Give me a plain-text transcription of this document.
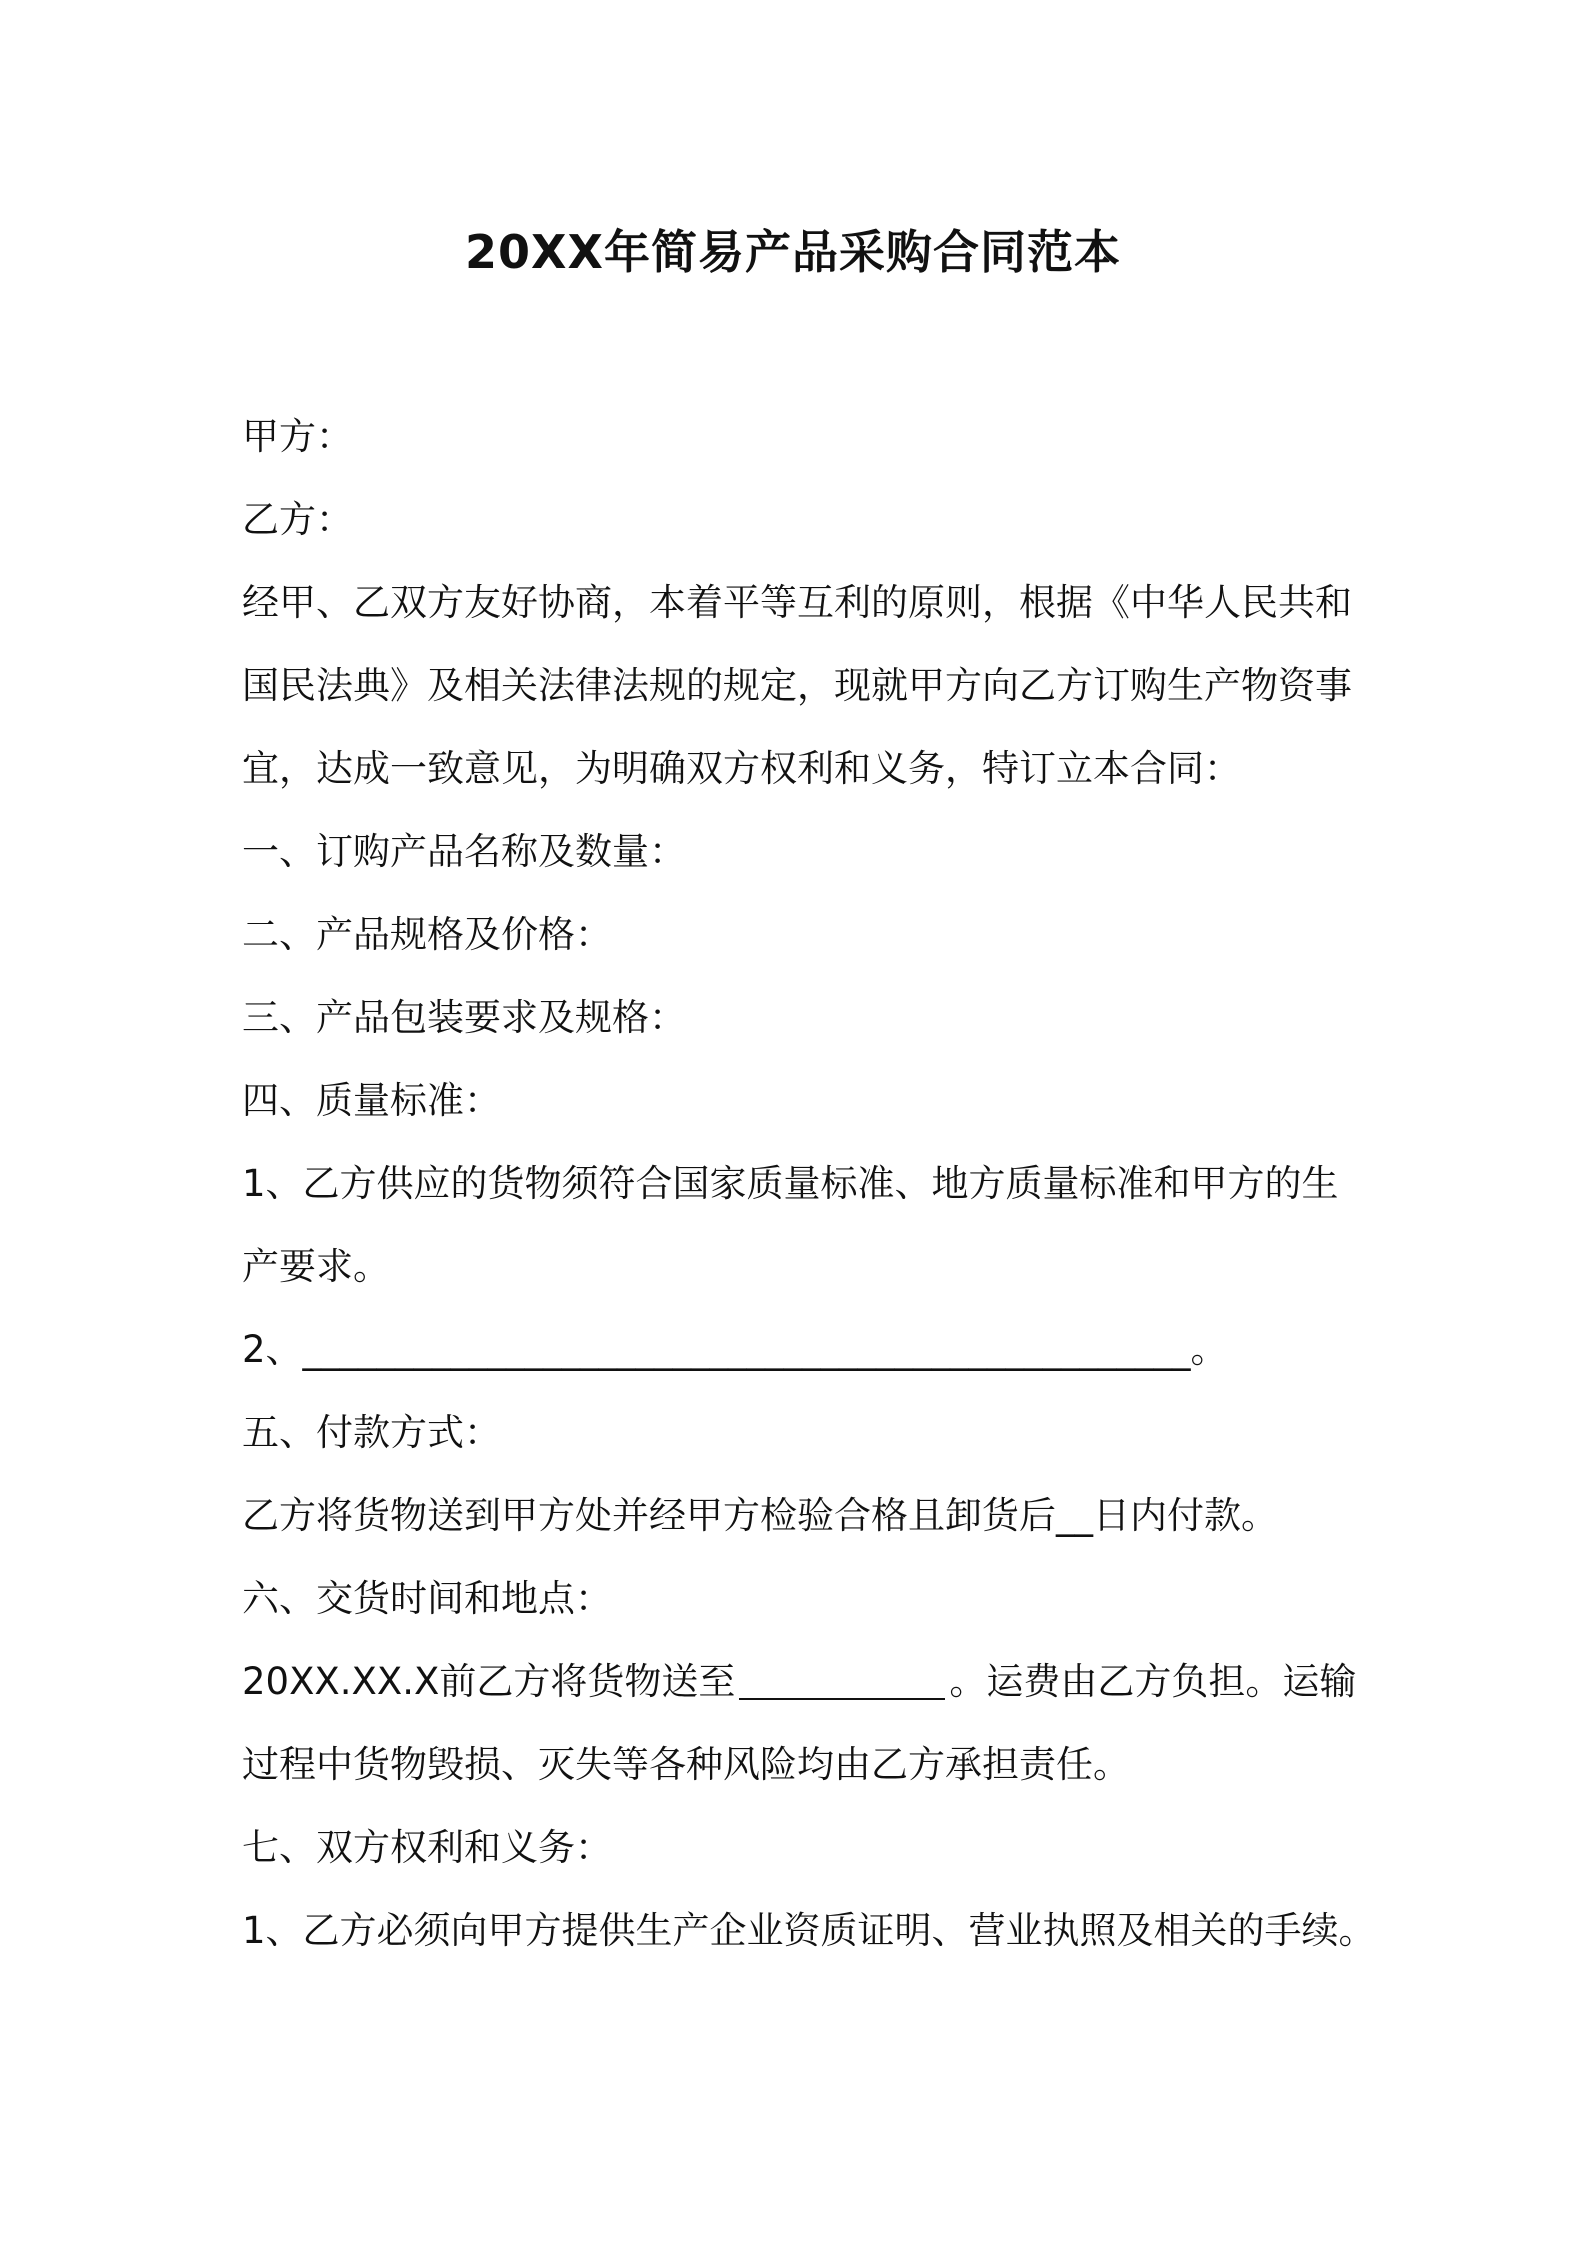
20XX年简易产品采购合同范本
甲方：
乙方：
经甲、乙双方友好协商，本着平等互利的原则，根据《中华人民共和
国民法典》及相关法律法规的规定，现就甲方向乙方订购生产物资事
宜，达成一致意见，为明确双方权利和义务，特订立本合同：
一、订购产品名称及数量：
二、产品规格及价格：
三、产品包装要求及规格：
四、质量标准：
1、乙方供应的货物须符合国家质量标准、地方质量标准和甲方的生
产要求。
2、________________________________________________。
五、付款方式：
乙方将货物送到甲方处并经甲方检验合格且卸货后__日内付款。
六、交货时间和地点：
20XX.XX.X前乙方将货物送至	。运费由乙方负担。运输
过程中货物毁损、灭失等各种风险均由乙方承担责任。
七、双方权利和义务：
1、乙方必须向甲方提供生产企业资质证明、营业执照及相关的手续。
